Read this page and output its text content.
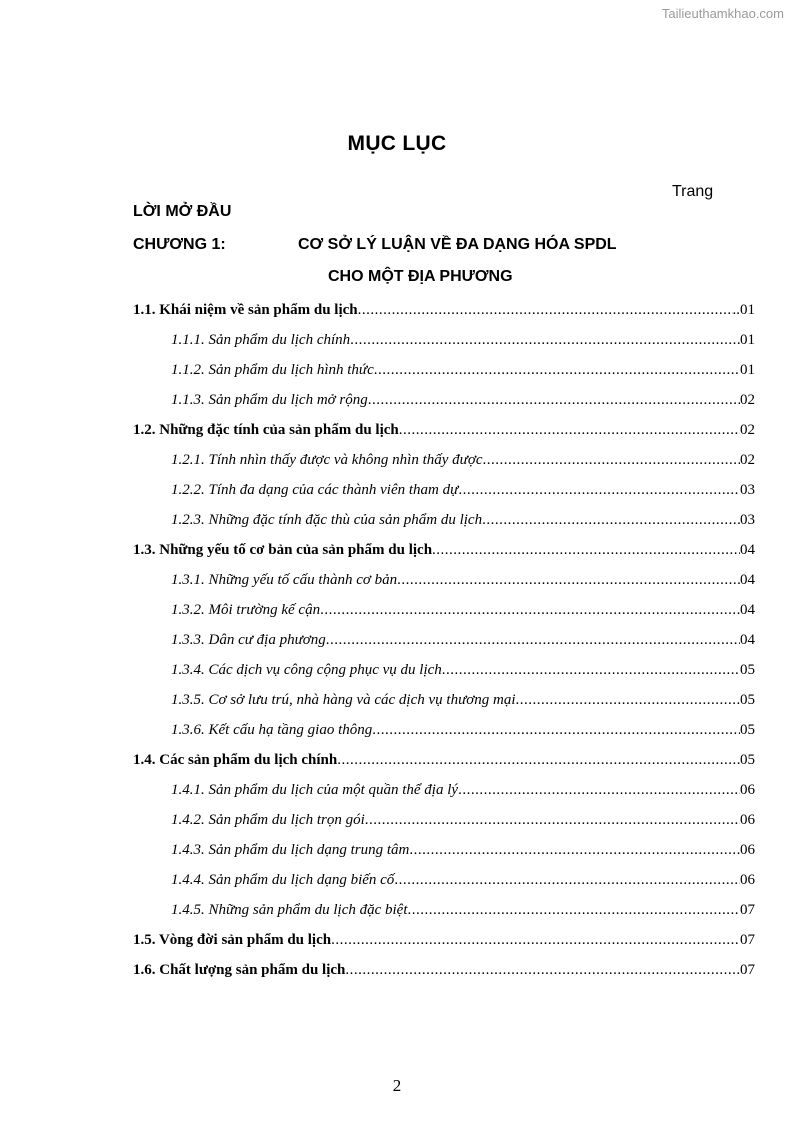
Tailieuthamkhao.com
MỤC LỤC
Trang
LỜI MỞ ĐẦU
CHƯƠNG 1:	CƠ SỞ LÝ LUẬN VỀ ĐA DẠNG HÓA SPDL
CHO MỘT ĐỊA PHƯƠNG
1.1. Khái niệm về sản phẩm du lịch .....	..01
1.1.1. Sản phẩm du lịch chính .....	01
1.1.2. Sản phẩm du lịch hình thức .....	01
1.1.3. Sản phẩm du lịch mở rộng .....	02
1.2. Những đặc tính của sản phẩm du lịch .....	02
1.2.1. Tính nhìn thấy được và không nhìn thấy được .....	02
1.2.2. Tính đa dạng của các thành viên tham dự .....	03
1.2.3. Những đặc tính đặc thù của sản phẩm du lịch .....	03
1.3. Những yếu tố cơ bản của sản phẩm du lịch .....	04
1.3.1. Những yếu tố cấu thành cơ bản .....	04
1.3.2. Môi trường kế cận .....	04
1.3.3. Dân cư địa phương .....	04
1.3.4. Các dịch vụ công cộng phục vụ du lịch .....	05
1.3.5. Cơ sở lưu trú, nhà hàng và các dịch vụ thương mại .....	05
1.3.6. Kết cấu hạ tầng giao thông .....	05
1.4. Các sản phẩm du lịch chính .....	05
1.4.1. Sản phẩm du lịch của một quần thể địa lý .....	06
1.4.2. Sản phẩm du lịch trọn gói .....	06
1.4.3. Sản phẩm du lịch dạng trung tâm .....	06
1.4.4. Sản phẩm du lịch dạng biến cố .....	06
1.4.5. Những sản phẩm du lịch đặc biệt .....	07
1.5. Vòng đời sản phẩm du lịch .....	07
1.6. Chất lượng sản phẩm du lịch .....	07
2
